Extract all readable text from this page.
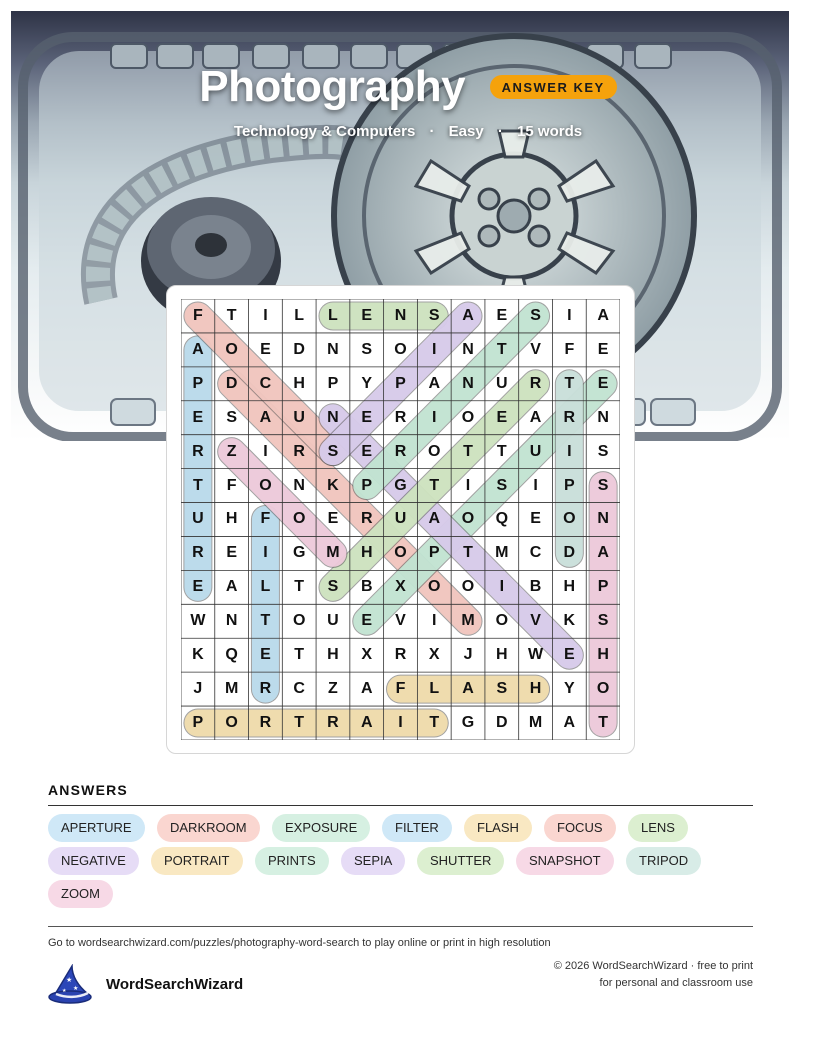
Photography	ANSWER KEY
Technology & Computers · Easy · 15 words
F	T	I	L	L	E	N	S	A	E	S	I	A
A	O	E	D	N	S	O	I	N	T	V	F	E
P	D	C	H	P	Y	P	A	N	U	R	T	E
E	S	A	U	N	E	R	I	O	E	A	R	N
R	Z	I	R	S	E	R	O	T	T	U	I	S
T	F	O	N	K	P	G	T	I	S	I	P	S
U	H	F	O	E	R	U	A	O	Q	E	O	N
R	E	I	G	M	H	O	P	T	M	C	D	A
E	A	L	T	S	B	X	O	O	I	B	H	P
W	N	T	O	U	E	V	I	M	O	V	K	S
K	Q	E	T	H	X	R	X	J	H	W	E	H
J	M	R	C	Z	A	F	L	A	S	H	Y	O
P	O	R	T	R	A	I	T	G	D	M	A	T
ANSWERS
APERTURE	DARKROOM	EXPOSURE	FILTER	FLASH	FOCUS	LENS
NEGATIVE	PORTRAIT	PRINTS	SEPIA	SHUTTER	SNAPSHOT	TRIPOD
ZOOM
Go to wordsearchwizard.com/puzzles/photography-word-search to play online or print in high resolution
★
★
★	WordSearchWizard
© 2026 WordSearchWizard · free to print for personal and classroom use
